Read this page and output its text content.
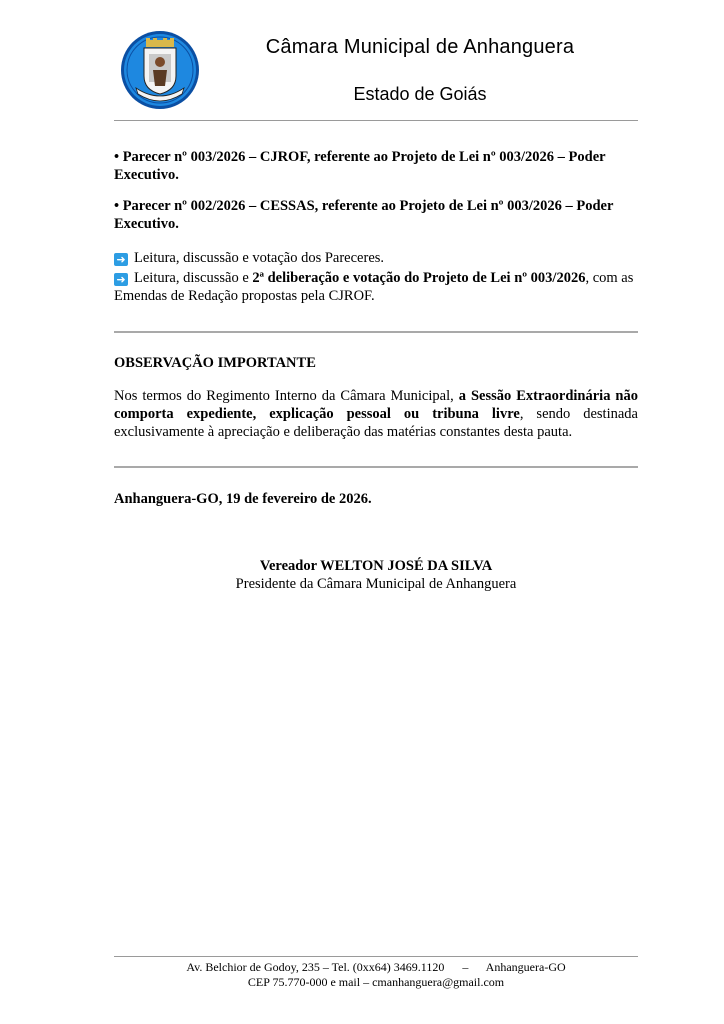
Câmara Municipal de Anhanguera
Estado de Goiás
• Parecer nº 003/2026 – CJROF, referente ao Projeto de Lei nº 003/2026 – Poder Executivo.
• Parecer nº 002/2026 – CESSAS, referente ao Projeto de Lei nº 003/2026 – Poder Executivo.
➜ Leitura, discussão e votação dos Pareceres.
➜ Leitura, discussão e 2ª deliberação e votação do Projeto de Lei nº 003/2026, com as Emendas de Redação propostas pela CJROF.
OBSERVAÇÃO IMPORTANTE
Nos termos do Regimento Interno da Câmara Municipal, a Sessão Extraordinária não comporta expediente, explicação pessoal ou tribuna livre, sendo destinada exclusivamente à apreciação e deliberação das matérias constantes desta pauta.
Anhanguera-GO, 19 de fevereiro de 2026.
Vereador WELTON JOSÉ DA SILVA
Presidente da Câmara Municipal de Anhanguera
Av. Belchior de Godoy, 235 – Tel. (0xx64) 3469.1120      –      Anhanguera-GO
CEP 75.770-000 e mail – cmanhanguera@gmail.com
